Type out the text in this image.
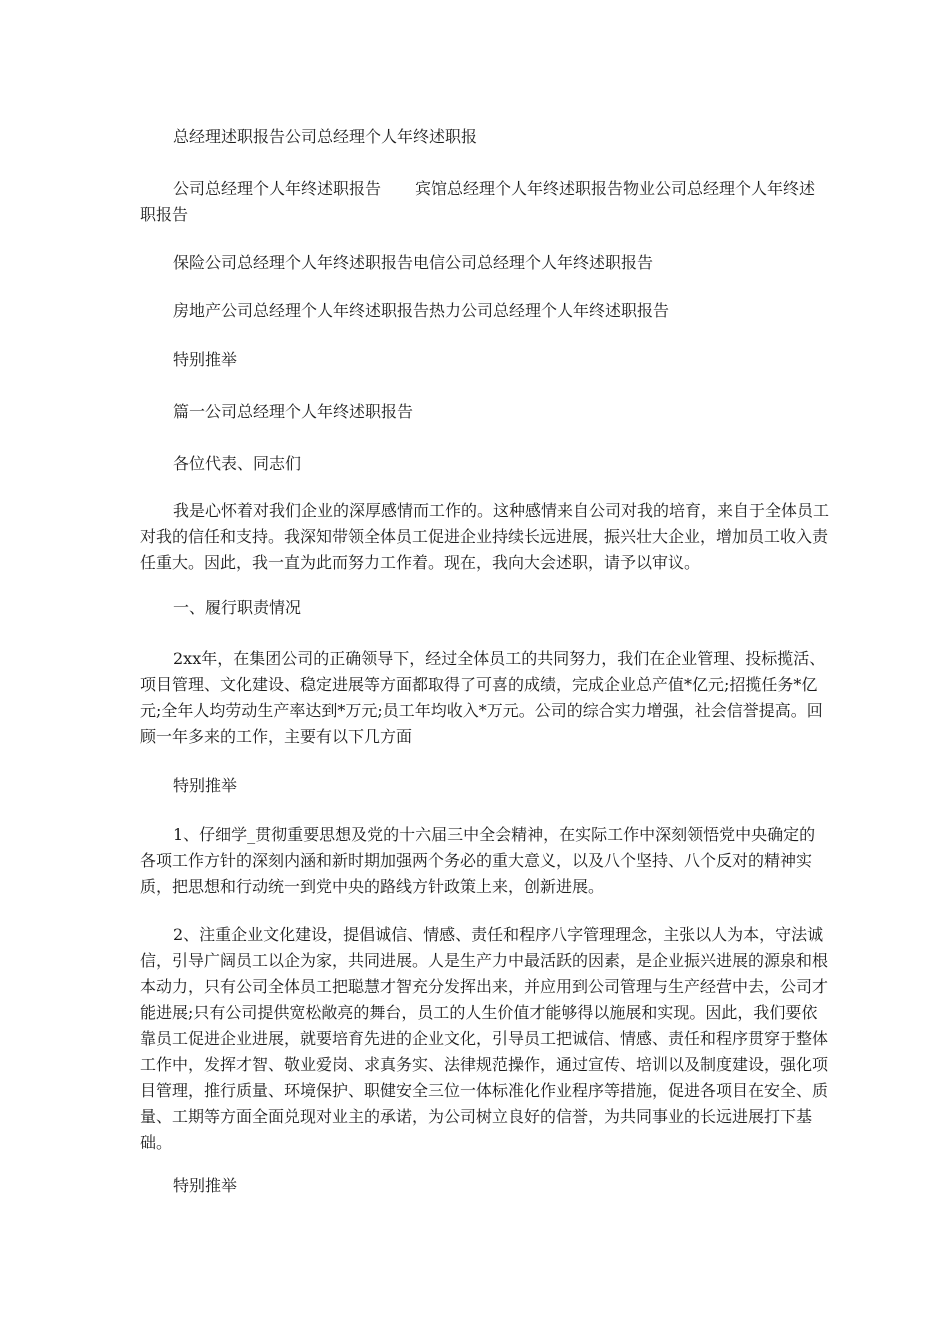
总经理述职报告公司总经理个人年终述职报

公司总经理个人年终述职报告 宾馆总经理个人年终述职报告物业公司总经理个人年终述职报告

保险公司总经理个人年终述职报告电信公司总经理个人年终述职报告

房地产公司总经理个人年终述职报告热力公司总经理个人年终述职报告

特别推举

篇一公司总经理个人年终述职报告

各位代表、同志们

我是心怀着对我们企业的深厚感情而工作的。这种感情来自公司对我的培育，来自于全体员工对我的信任和支持。我深知带领全体员工促进企业持续长远进展，振兴壮大企业，增加员工收入责任重大。因此，我一直为此而努力工作着。现在，我向大会述职，请予以审议。

一、履行职责情况

2xx年，在集团公司的正确领导下，经过全体员工的共同努力，我们在企业管理、投标揽活、项目管理、文化建设、稳定进展等方面都取得了可喜的成绩，完成企业总产值*亿元;招揽任务*亿元;全年人均劳动生产率达到*万元;员工年均收入*万元。公司的综合实力增强，社会信誉提高。回顾一年多来的工作，主要有以下几方面

特别推举

1、仔细学_贯彻重要思想及党的十六届三中全会精神，在实际工作中深刻领悟党中央确定的各项工作方针的深刻内涵和新时期加强两个务必的重大意义，以及八个坚持、八个反对的精神实质，把思想和行动统一到党中央的路线方针政策上来，创新进展。

2、注重企业文化建设，提倡诚信、情感、责任和程序八字管理理念，主张以人为本，守法诚信，引导广阔员工以企为家，共同进展。人是生产力中最活跃的因素，是企业振兴进展的源泉和根本动力，只有公司全体员工把聪慧才智充分发挥出来，并应用到公司管理与生产经营中去，公司才能进展;只有公司提供宽松敞亮的舞台，员工的人生价值才能够得以施展和实现。因此，我们要依靠员工促进企业进展，就要培育先进的企业文化，引导员工把诚信、情感、责任和程序贯穿于整体工作中，发挥才智、敬业爱岗、求真务实、法律规范操作，通过宣传、培训以及制度建设，强化项目管理，推行质量、环境保护、职健安全三位一体标准化作业程序等措施，促进各项目在安全、质量、工期等方面全面兑现对业主的承诺，为公司树立良好的信誉，为共同事业的长远进展打下基础。

特别推举
